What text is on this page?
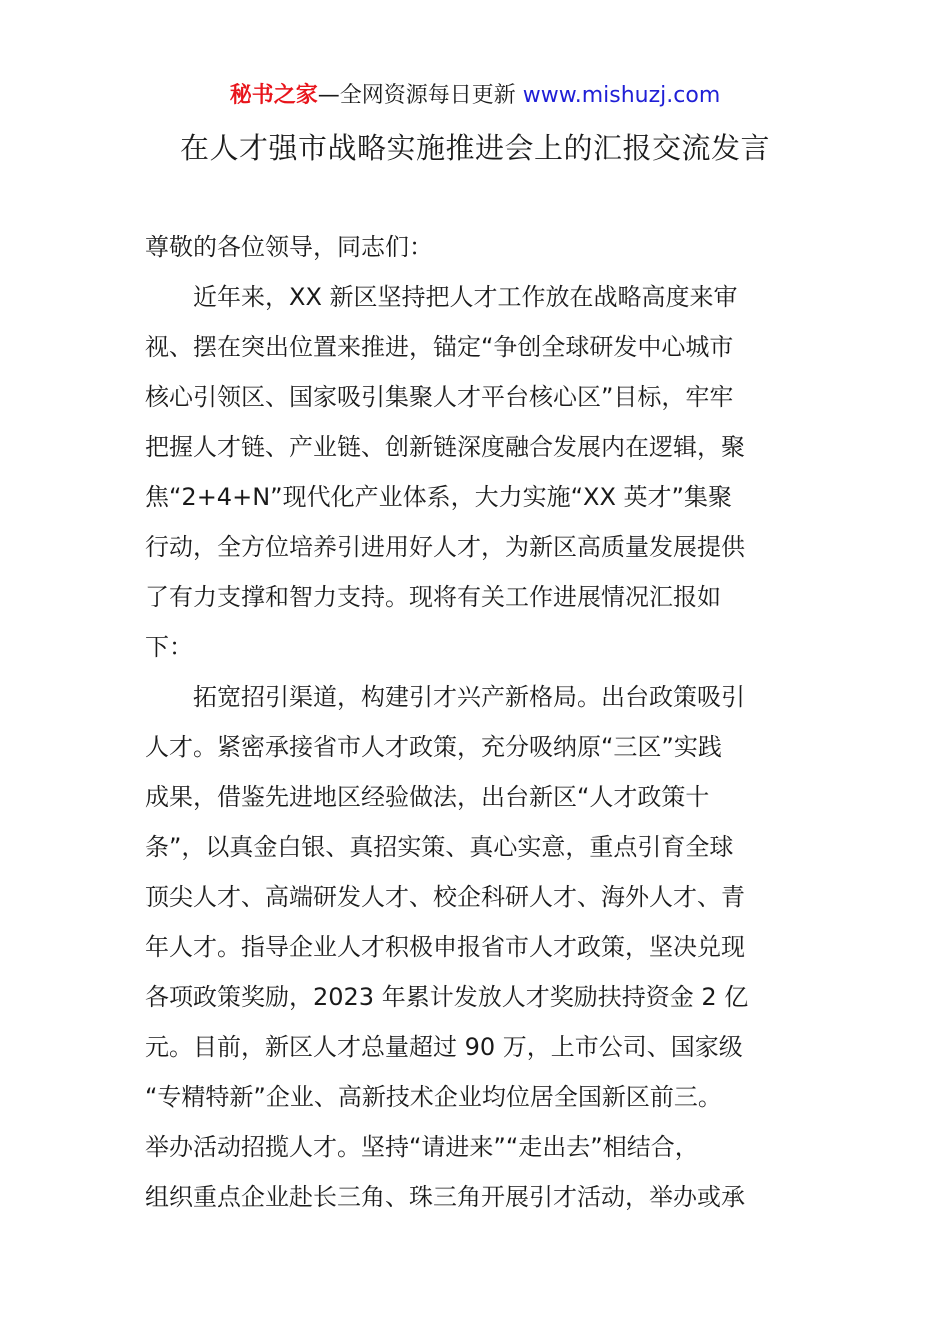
秘书之家—全网资源每日更新 www.mishuzj.com
在人才强市战略实施推进会上的汇报交流发言
尊敬的各位领导，同志们：
近年来，XX 新区坚持把人才工作放在战略高度来审
视、摆在突出位置来推进，锚定“争创全球研发中心城市
核心引领区、国家吸引集聚人才平台核心区”目标，牢牢
把握人才链、产业链、创新链深度融合发展内在逻辑，聚
焦“2+4+N”现代化产业体系，大力实施“XX 英才”集聚
行动，全方位培养引进用好人才，为新区高质量发展提供
了有力支撑和智力支持。现将有关工作进展情况汇报如
下：
拓宽招引渠道，构建引才兴产新格局。出台政策吸引
人才。紧密承接省市人才政策，充分吸纳原“三区”实践
成果，借鉴先进地区经验做法，出台新区“人才政策十
条”，以真金白银、真招实策、真心实意，重点引育全球
顶尖人才、高端研发人才、校企科研人才、海外人才、青
年人才。指导企业人才积极申报省市人才政策，坚决兑现
各项政策奖励，2023 年累计发放人才奖励扶持资金 2 亿
元。目前，新区人才总量超过 90 万，上市公司、国家级
“专精特新”企业、高新技术企业均位居全国新区前三。
举办活动招揽人才。坚持“请进来”“走出去”相结合，
组织重点企业赴长三角、珠三角开展引才活动，举办或承
